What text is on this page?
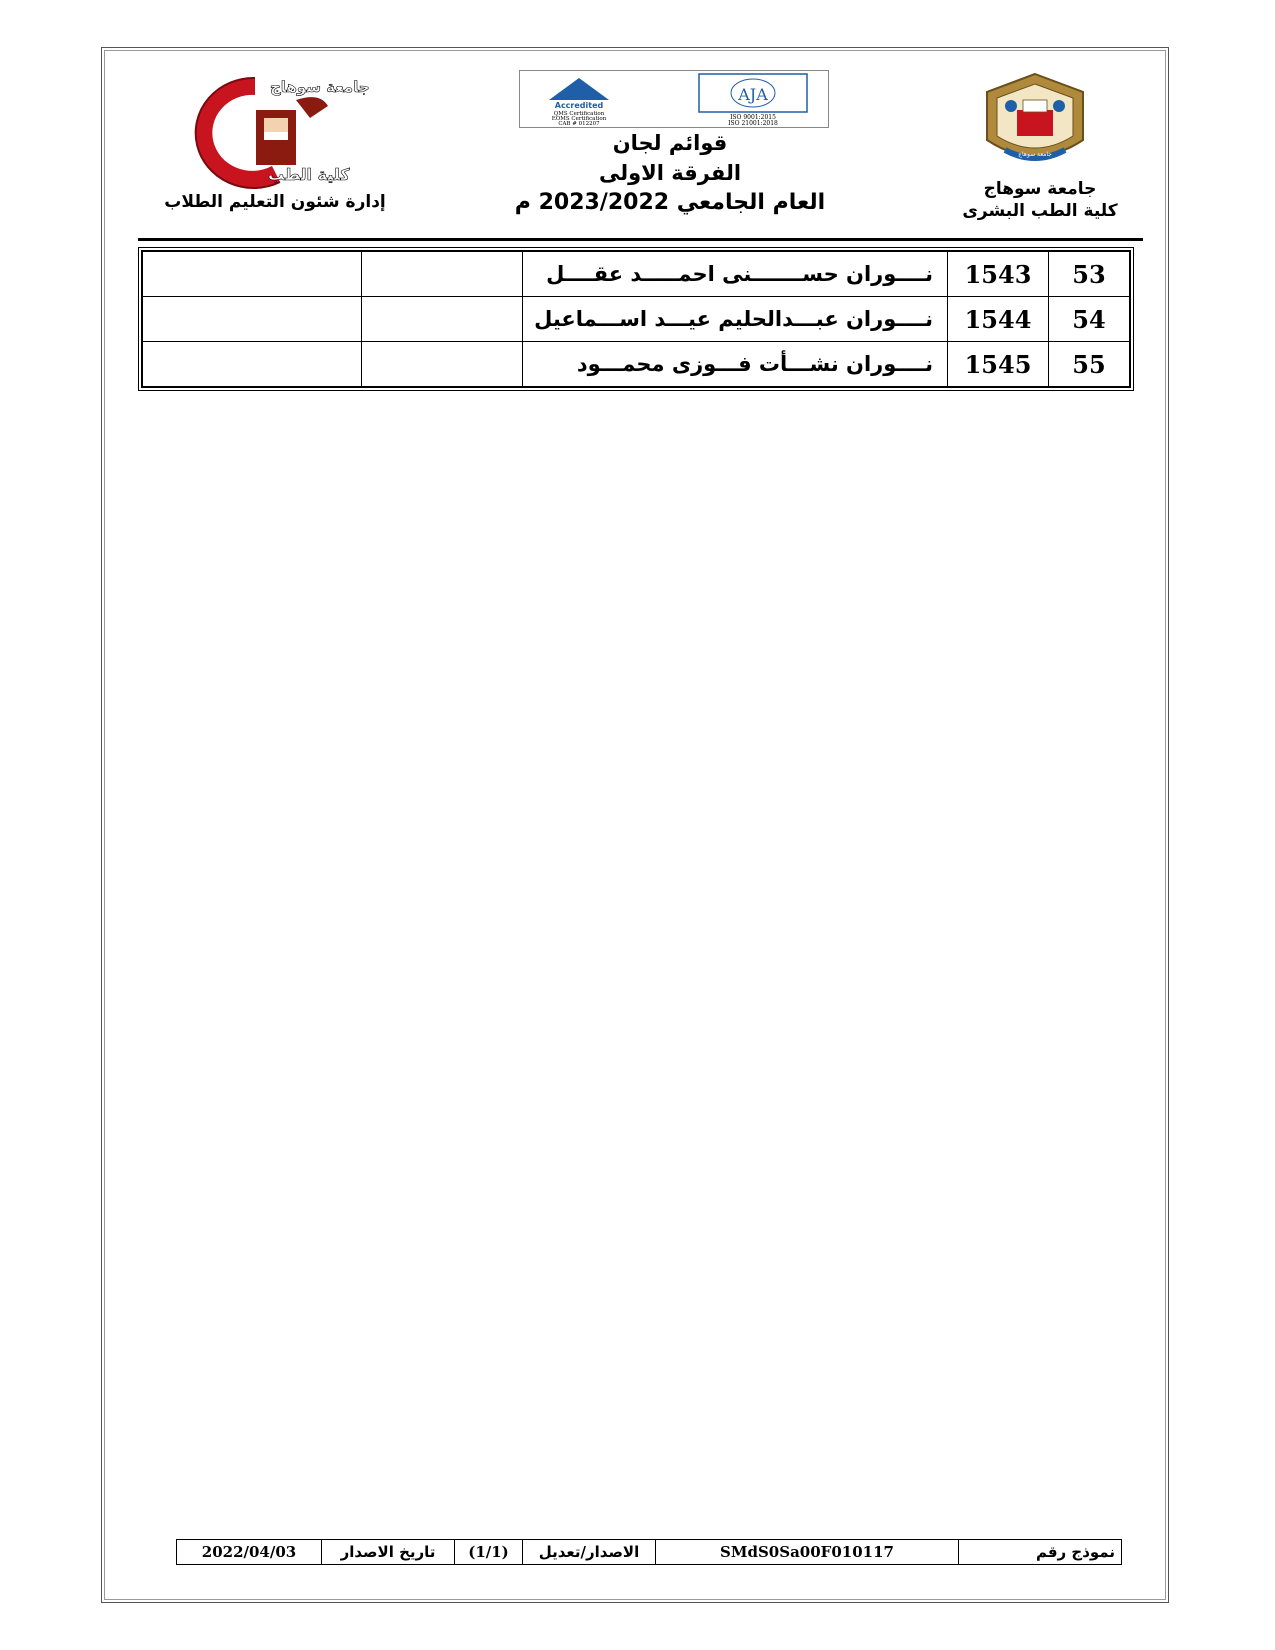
جامعة سوهاج
كلية الطب
إدارة شئون التعليم الطلاب
E.G.A.C
Accredited
QMS Certification
EOMS Certification
CAB # 012207
AJA
ISO 9001:2015
ISO 21001:2018
قوائم لجان
الفرقة الاولى
العام الجامعي 2023/2022 م
جامعة سوهاج
جامعة سوهاج
كلية الطب البشرى
53	1543	نــــوران حســـــــنى احمـــــد عقــــل		
54	1544	نــــوران عبـــدالحليم عيـــد اســـماعيل		
55	1545	نــــوران نشـــأت فـــوزى محمـــود		
نموذج رقم	SMdS0Sa00F010117	الاصدار/تعديل	(1/1)	تاريخ الاصدار	2022/04/03
